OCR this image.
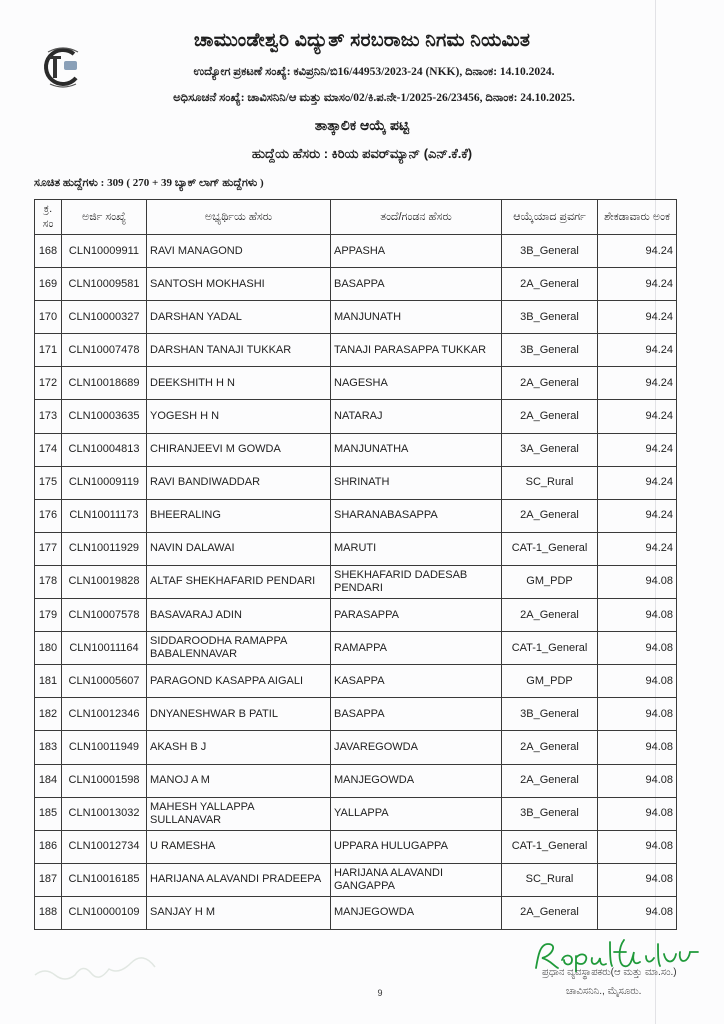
ಚಾಮುಂಡೇಶ್ವರಿ ವಿದ್ಯುತ್ ಸರಬರಾಜು ನಿಗಮ ನಿಯಮಿತ
ಉದ್ಯೋಗ ಪ್ರಕಟಣೆ ಸಂಖ್ಯೆ: ಕವಿಪ್ರನಿನಿ/ಬಿ16/44953/2023-24 (NKK), ದಿನಾಂಕ: 14.10.2024.
ಅಧಿಸೂಚನೆ ಸಂಖ್ಯೆ: ಚಾವಿಸನಿನಿ/ಆ ಮತ್ತು ಮಾಸಂ/02/ಕಿ.ಪ.ನೇ-1/2025-26/23456, ದಿನಾಂಕ: 24.10.2025.
ತಾತ್ಕಾಲಿಕ ಆಯ್ಕೆ ಪಟ್ಟಿ
ಹುದ್ದೆಯ ಹೆಸರು : ಕಿರಿಯ ಪವರ್‌ಮ್ಯಾನ್ (ಎನ್.ಕೆ.ಕೆ)
ಸೂಚಿತ ಹುದ್ದೆಗಳು : 309 ( 270 + 39 ಬ್ಯಾಕ್ ಲಾಗ್ ಹುದ್ದೆಗಳು )
ಕ್ರ. ಸಂ	ಅರ್ಜಿ ಸಂಖ್ಯೆ	ಅಭ್ಯರ್ಥಿಯ ಹೆಸರು	ತಂದೆ/ಗಂಡನ ಹೆಸರು	ಆಯ್ಕೆಯಾದ ಪ್ರವರ್ಗ	ಶೇಕಡಾವಾರು ಅಂಕ
168	CLN10009911	RAVI MANAGOND	APPASHA	3B_General	94.24
169	CLN10009581	SANTOSH MOKHASHI	BASAPPA	2A_General	94.24
170	CLN10000327	DARSHAN YADAL	MANJUNATH	3B_General	94.24
171	CLN10007478	DARSHAN TANAJI TUKKAR	TANAJI PARASAPPA TUKKAR	3B_General	94.24
172	CLN10018689	DEEKSHITH H N	NAGESHA	2A_General	94.24
173	CLN10003635	YOGESH H N	NATARAJ	2A_General	94.24
174	CLN10004813	CHIRANJEEVI M GOWDA	MANJUNATHA	3A_General	94.24
175	CLN10009119	RAVI BANDIWADDAR	SHRINATH	SC_Rural	94.24
176	CLN10011173	BHEERALING	SHARANABASAPPA	2A_General	94.24
177	CLN10011929	NAVIN DALAWAI	MARUTI	CAT-1_General	94.24
178	CLN10019828	ALTAF SHEKHAFARID PENDARI	SHEKHAFARID DADESAB PENDARI	GM_PDP	94.08
179	CLN10007578	BASAVARAJ ADIN	PARASAPPA	2A_General	94.08
180	CLN10011164	SIDDAROODHA RAMAPPA BABALENNAVAR	RAMAPPA	CAT-1_General	94.08
181	CLN10005607	PARAGOND KASAPPA AIGALI	KASAPPA	GM_PDP	94.08
182	CLN10012346	DNYANESHWAR B PATIL	BASAPPA	3B_General	94.08
183	CLN10011949	AKASH B J	JAVAREGOWDA	2A_General	94.08
184	CLN10001598	MANOJ A M	MANJEGOWDA	2A_General	94.08
185	CLN10013032	MAHESH YALLAPPA SULLANAVAR	YALLAPPA	3B_General	94.08
186	CLN10012734	U RAMESHA	UPPARA HULUGAPPA	CAT-1_General	94.08
187	CLN10016185	HARIJANA ALAVANDI PRADEEPA	HARIJANA ALAVANDI GANGAPPA	SC_Rural	94.08
188	CLN10000109	SANJAY H M	MANJEGOWDA	2A_General	94.08
ಪ್ರಧಾನ ವ್ಯವಸ್ಥಾಪಕರು(ಆ ಮತ್ತು ಮಾ.ಸಂ.)
ಚಾವಿಸನಿನಿ., ಮೈಸೂರು.
9
